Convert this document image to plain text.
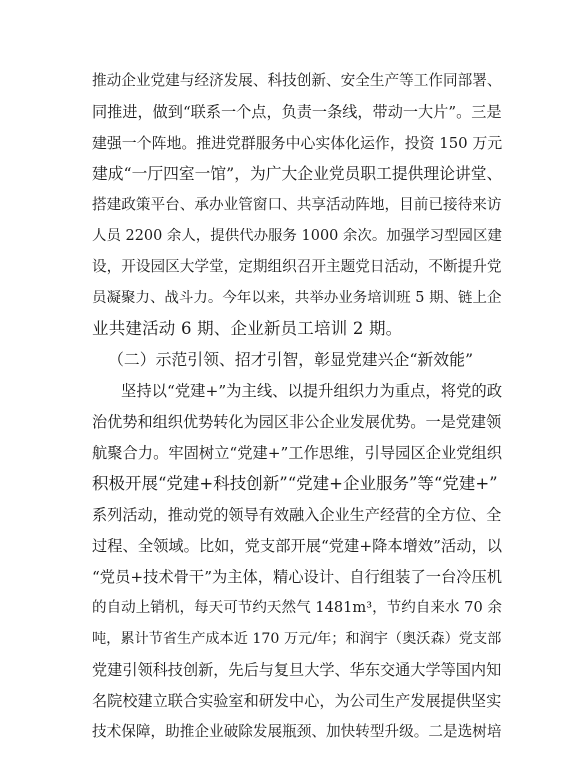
推动企业党建与经济发展、科技创新、安全生产等工作同部署、
同推进，做到“联系一个点，负责一条线，带动一大片”。三是
建强一个阵地。推进党群服务中心实体化运作，投资 150 万元
建成“一厅四室一馆”，为广大企业党员职工提供理论讲堂、
搭建政策平台、承办业管窗口、共享活动阵地，目前已接待来访
人员 2200 余人，提供代办服务 1000 余次。加强学习型园区建
设，开设园区大学堂，定期组织召开主题党日活动，不断提升党
员凝聚力、战斗力。今年以来，共举办业务培训班 5 期、链上企
业共建活动 6 期、企业新员工培训 2 期。
（二）示范引领、招才引智，彰显党建兴企“新效能”
坚持以“党建+”为主线、以提升组织力为重点，将党的政
治优势和组织优势转化为园区非公企业发展优势。一是党建领
航聚合力。牢固树立“党建+”工作思维，引导园区企业党组织
积极开展“党建+科技创新”“党建+企业服务”等“党建+”
系列活动，推动党的领导有效融入企业生产经营的全方位、全
过程、全领域。比如，党支部开展“党建+降本增效”活动，以
“党员+技术骨干”为主体，精心设计、自行组装了一台冷压机
的自动上销机，每天可节约天然气 1481m³，节约自来水 70 余
吨，累计节省生产成本近 170 万元/年；和润宇（奥沃森）党支部
党建引领科技创新，先后与复旦大学、华东交通大学等国内知
名院校建立联合实验室和研发中心，为公司生产发展提供坚实
技术保障，助推企业破除发展瓶颈、加快转型升级。二是选树培
